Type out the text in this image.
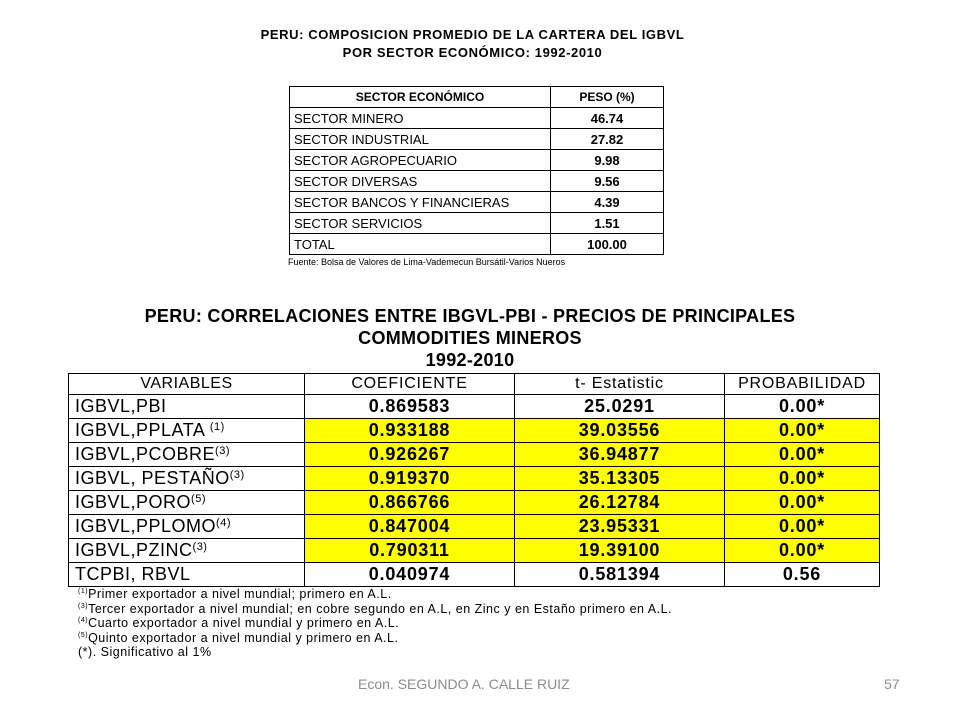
PERU: COMPOSICION PROMEDIO DE LA CARTERA DEL IGBVL
POR SECTOR ECONÓMICO: 1992-2010
SECTOR ECONÓMICO	PESO (%)
SECTOR MINERO	46.74
SECTOR INDUSTRIAL	27.82
SECTOR AGROPECUARIO	9.98
SECTOR DIVERSAS	9.56
SECTOR BANCOS Y FINANCIERAS	4.39
SECTOR SERVICIOS	1.51
TOTAL	100.00
Fuente: Bolsa de Valores de Lima-Vademecun Bursátil-Varios Nueros
PERU: CORRELACIONES ENTRE IBGVL-PBI - PRECIOS DE PRINCIPALES
COMMODITIES MINEROS
1992-2010
VARIABLES	COEFICIENTE	t- Estatistic	PROBABILIDAD
IGBVL,PBI	0.869583	25.0291	0.00*
IGBVL,PPLATA $^{(1)}$	0.933188	39.03556	0.00*
IGBVL,PCOBRE$^{(3)}$	0.926267	36.94877	0.00*
IGBVL, PESTAÑO$^{(3)}$	0.919370	35.13305	0.00*
IGBVL,PORO$^{(5)}$	0.866766	26.12784	0.00*
IGBVL,PPLOMO$^{(4)}$	0.847004	23.95331	0.00*
IGBVL,PZINC$^{(3)}$	0.790311	19.39100	0.00*
TCPBI, RBVL	0.040974	0.581394	0.56
$^{(1)}$Primer exportador a nivel mundial; primero en A.L.
$^{(3)}$Tercer exportador a nivel mundial; en cobre segundo en A.L, en Zinc y en Estaño primero en A.L.
$^{(4)}$Cuarto exportador a nivel mundial y primero en A.L.
$^{(5)}$Quinto exportador a nivel mundial y primero en A.L.
(*). Significativo al 1%
Econ. SEGUNDO A. CALLE RUIZ	57
